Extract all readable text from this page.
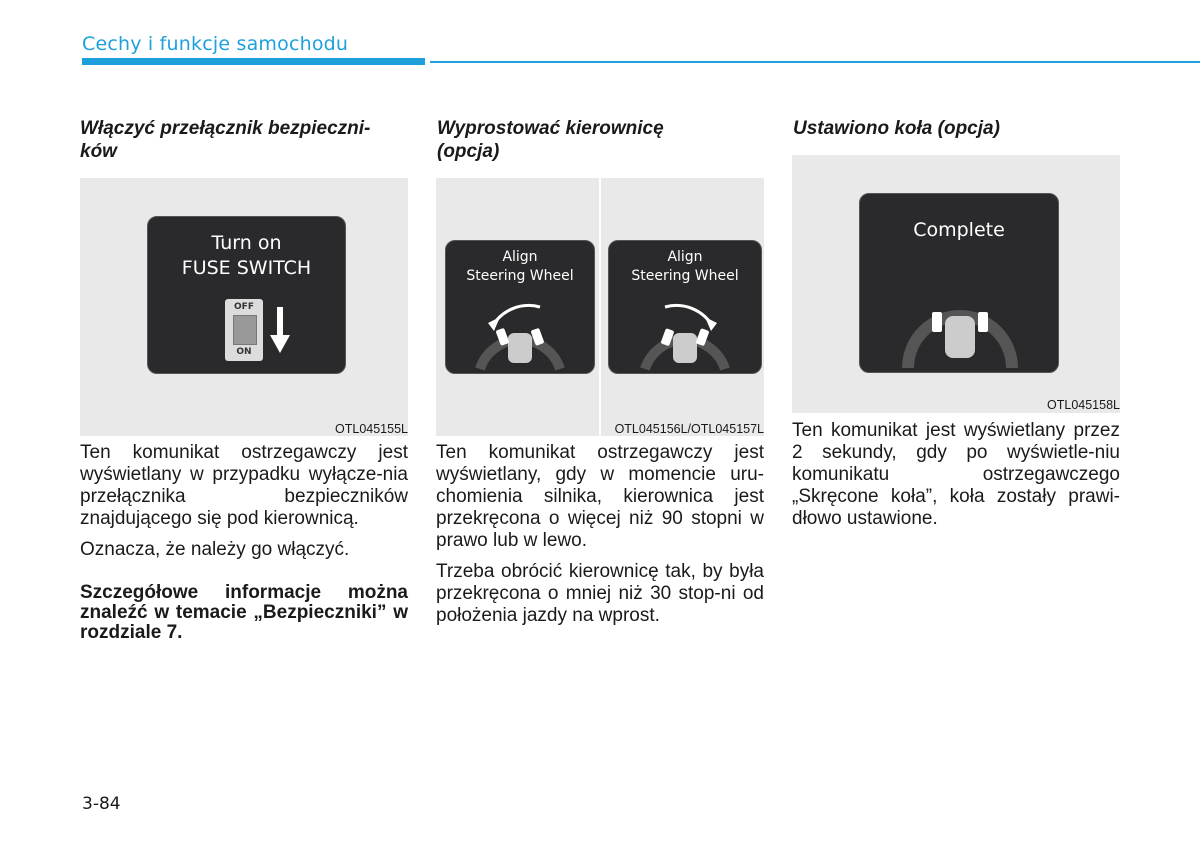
Cechy i funkcje samochodu
Włączyć przełącznik bezpieczni-
ków
Turn on
FUSE SWITCH
OFF
ON
OTL045155L

Ten komunikat ostrzegawczy jest wyświetlany w przypadku wyłącze-nia przełącznika bezpieczników znajdującego się pod kierownicą.

Oznacza, że należy go włączyć.

Szczegółowe informacje można znaleźć w temacie „Bezpieczniki” w rozdziale 7.

Wyprostować kierownicę
(opcja)
Align
Steering Wheel
Align
Steering Wheel
OTL045156L/OTL045157L

Ten komunikat ostrzegawczy jest wyświetlany, gdy w momencie uru-chomienia silnika, kierownica jest przekręcona o więcej niż 90 stopni w prawo lub w lewo.

Trzeba obrócić kierownicę tak, by była przekręcona o mniej niż 30 stop-ni od położenia jazdy na wprost.

Ustawiono koła (opcja)
Complete
OTL045158L

Ten komunikat jest wyświetlany przez 2 sekundy, gdy po wyświetle-niu komunikatu ostrzegawczego „Skręcone koła”, koła zostały prawi-dłowo ustawione.

3-84
